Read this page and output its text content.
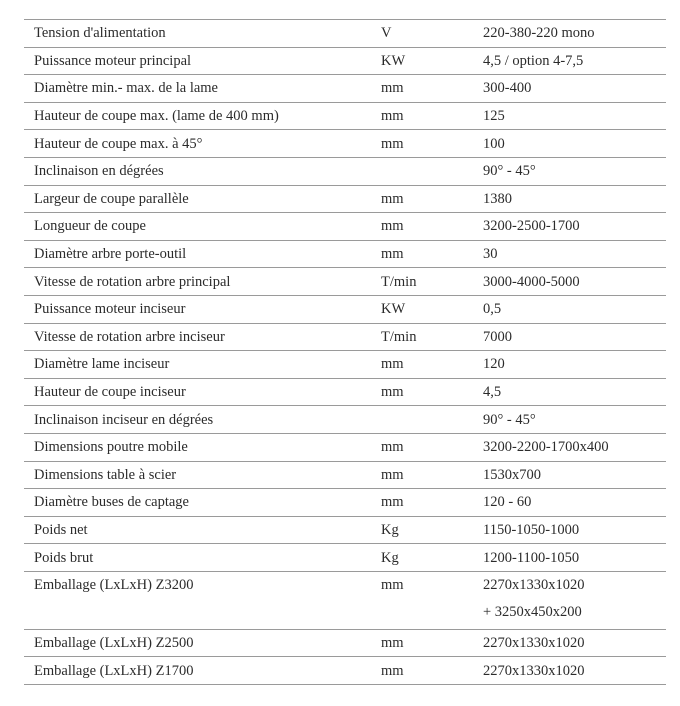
Tension d'alimentation	V	220-380-220 mono

Puissance moteur principal	KW	4,5 / option 4-7,5

Diamètre min.- max. de la lame	mm	300-400

Hauteur de coupe max. (lame de 400 mm)	mm	125

Hauteur de coupe max. à 45°	mm	100

Inclinaison en dégrées		90° - 45°

Largeur de coupe parallèle	mm	1380

Longueur de coupe	mm	3200-2500-1700

Diamètre arbre porte-outil	mm	30

Vitesse de rotation arbre principal	T/min	3000-4000-5000

Puissance moteur inciseur	KW	0,5

Vitesse de rotation arbre inciseur	T/min	7000

Diamètre lame inciseur	mm	120

Hauteur de coupe inciseur	mm	4,5

Inclinaison inciseur en dégrées		90° - 45°

Dimensions poutre mobile	mm	3200-2200-1700x400

Dimensions table à scier	mm	1530x700

Diamètre buses de captage	mm	120 - 60

Poids net	Kg	1150-1050-1000

Poids brut	Kg	1200-1100-1050

Emballage (LxLxH) Z3200	mm	2270x1330x1020
+ 3250x450x200

Emballage (LxLxH) Z2500	mm	2270x1330x1020

Emballage (LxLxH) Z1700	mm	2270x1330x1020
